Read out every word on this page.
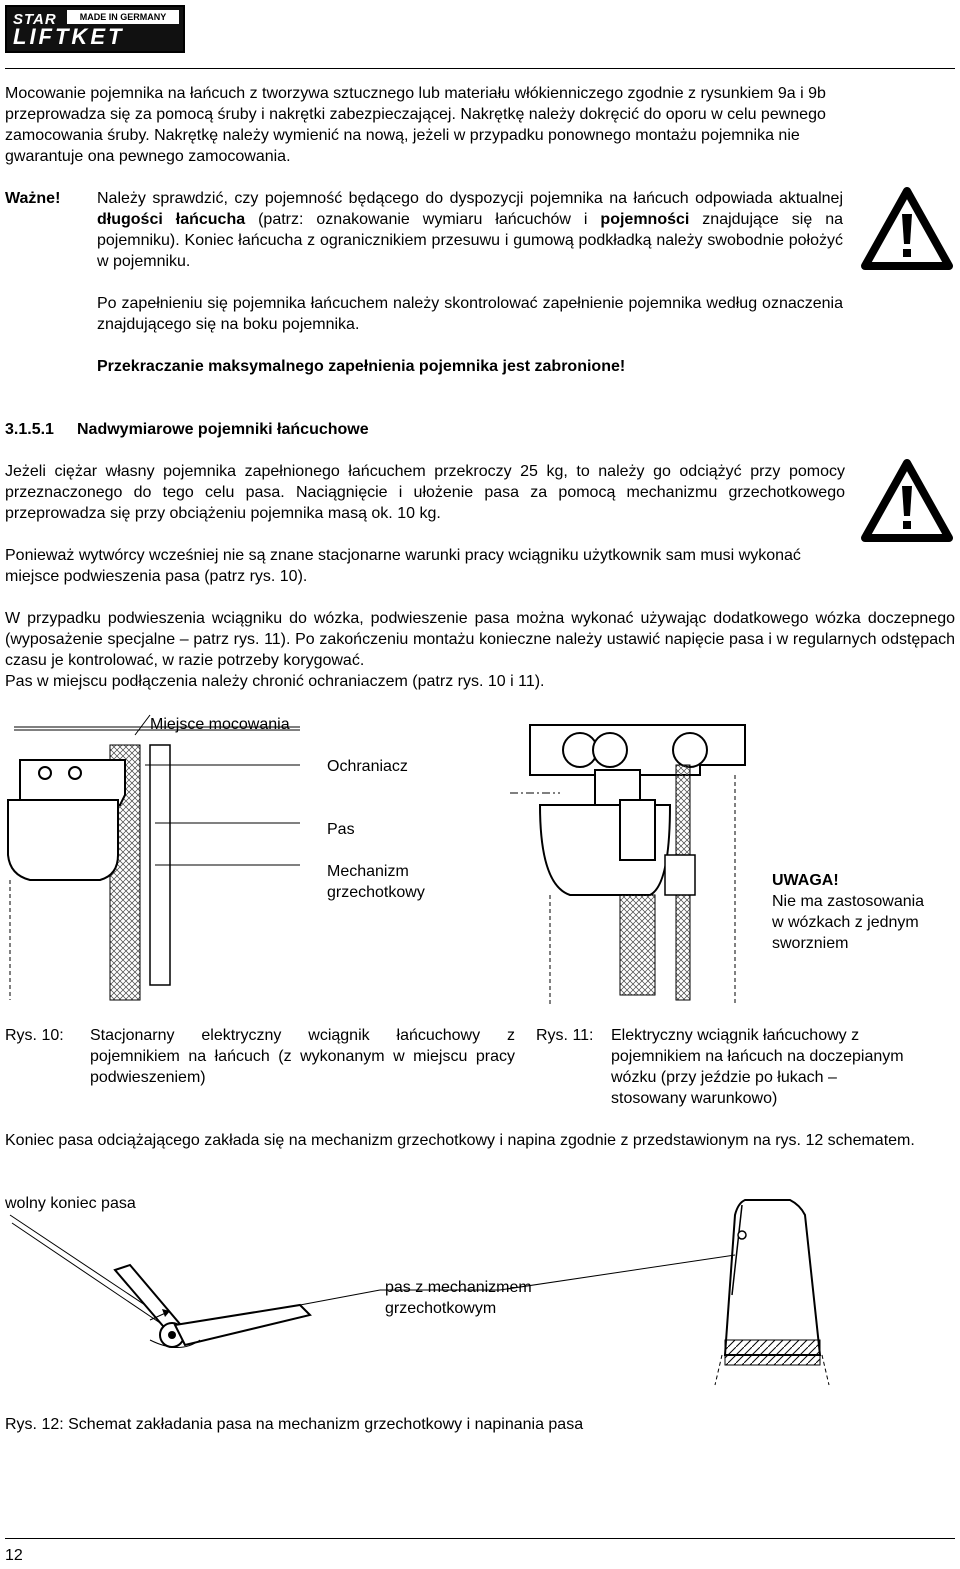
STAR	MADE IN GERMANY
LIFTKET
Mocowanie pojemnika na łańcuch z tworzywa sztucznego lub materiału włókienniczego zgodnie z rysunkiem 9a i 9b
przeprowadza się za pomocą śruby i nakrętki zabezpieczającej. Nakrętkę należy dokręcić do oporu w celu pewnego
zamocowania śruby. Nakrętkę należy wymienić na nową, jeżeli w przypadku ponownego montażu pojemnika nie
gwarantuje ona pewnego zamocowania.
Ważne! Należy sprawdzić, czy pojemność będącego do dyspozycji pojemnika na łańcuch odpowiada aktualnej długości łańcucha (patrz: oznakowanie wymiaru łańcuchów i pojemności znajdujące się na pojemniku). Koniec łańcucha z ogranicznikiem przesuwu i gumową podkładką należy swobodnie położyć w pojemniku.
Po zapełnieniu się pojemnika łańcuchem należy skontrolować zapełnienie pojemnika według oznaczenia znajdującego się na boku pojemnika.
Przekraczanie maksymalnego zapełnienia pojemnika jest zabronione!
3.1.5.1 Nadwymiarowe pojemniki łańcuchowe
Jeżeli ciężar własny pojemnika zapełnionego łańcuchem przekroczy 25 kg, to należy go odciążyć przy pomocy przeznaczonego do tego celu pasa. Naciągnięcie i ułożenie pasa za pomocą mechanizmu grzechotkowego przeprowadza się przy obciążeniu pojemnika masą ok. 10 kg.
Ponieważ wytwórcy wcześniej nie są znane stacjonarne warunki pracy wciągniku użytkownik sam musi wykonać miejsce podwieszenia pasa (patrz rys. 10).
W przypadku podwieszenia wciągniku do wózka, podwieszenie pasa można wykonać używając dodatkowego wózka doczepnego (wyposażenie specjalne – patrz rys. 11). Po zakończeniu montażu konieczne należy ustawić napięcie pasa i w regularnych odstępach czasu je kontrolować, w razie potrzeby korygować.
Pas w miejscu podłączenia należy chronić ochraniaczem (patrz rys. 10 i 11).
Miejsce mocowania
Ochraniacz
Pas
Mechanizm
grzechotkowy
UWAGA!
Nie ma zastosowania
w wózkach z jednym
sworzniem
Rys. 10: Stacjonarny elektryczny wciągnik łańcuchowy z pojemnikiem na łańcuch (z wykonanym w miejscu pracy podwieszeniem)
Rys. 11: Elektryczny wciągnik łańcuchowy z
pojemnikiem na łańcuch na doczepianym
wózku (przy jeździe po łukach –
stosowany warunkowo)
Koniec pasa odciążającego zakłada się na mechanizm grzechotkowy i napina zgodnie z przedstawionym na rys. 12 schematem.
wolny koniec pasa
pas z mechanizmem
grzechotkowym
Rys. 12: Schemat zakładania pasa na mechanizm grzechotkowy i napinania pasa
12
